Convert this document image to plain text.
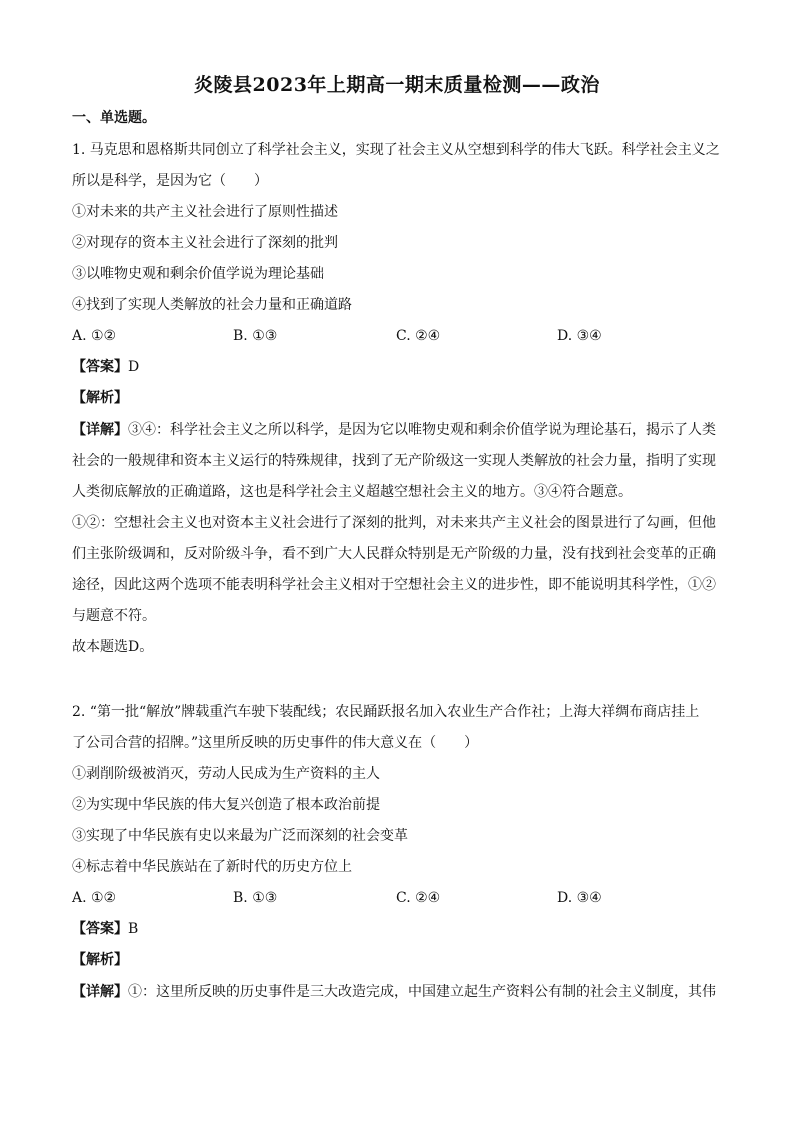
炎陵县2023年上期高一期末质量检测——政治
一、单选题。
1. 马克思和恩格斯共同创立了科学社会主义，实现了社会主义从空想到科学的伟大飞跃。科学社会主义之
所以是科学，是因为它（　　）
①对未来的共产主义社会进行了原则性描述
②对现存的资本主义社会进行了深刻的批判
③以唯物史观和剩余价值学说为理论基础
④找到了实现人类解放的社会力量和正确道路
A. ①②	B. ①③	C. ②④	D. ③④
【答案】D
【解析】
【详解】③④：科学社会主义之所以科学，是因为它以唯物史观和剩余价值学说为理论基石，揭示了人类
社会的一般规律和资本主义运行的特殊规律，找到了无产阶级这一实现人类解放的社会力量，指明了实现
人类彻底解放的正确道路，这也是科学社会主义超越空想社会主义的地方。③④符合题意。
①②：空想社会主义也对资本主义社会进行了深刻的批判，对未来共产主义社会的图景进行了勾画，但他
们主张阶级调和，反对阶级斗争，看不到广大人民群众特别是无产阶级的力量，没有找到社会变革的正确
途径，因此这两个选项不能表明科学社会主义相对于空想社会主义的进步性，即不能说明其科学性，①②
与题意不符。
故本题选D。
2. “第一批“解放”牌载重汽车驶下装配线；农民踊跃报名加入农业生产合作社；上海大祥绸布商店挂上
了公司合营的招牌。”这里所反映的历史事件的伟大意义在（　　）
①剥削阶级被消灭，劳动人民成为生产资料的主人
②为实现中华民族的伟大复兴创造了根本政治前提
③实现了中华民族有史以来最为广泛而深刻的社会变革
④标志着中华民族站在了新时代的历史方位上
A. ①②	B. ①③	C. ②④	D. ③④
【答案】B
【解析】
【详解】①：这里所反映的历史事件是三大改造完成，中国建立起生产资料公有制的社会主义制度，其伟
